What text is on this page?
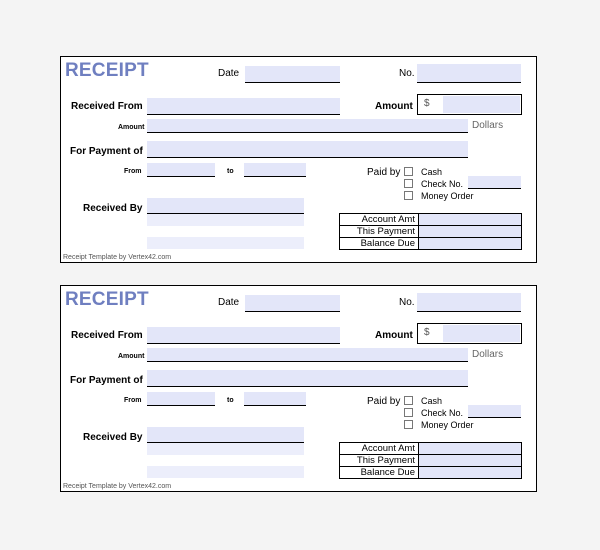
RECEIPT	Date	No.
Received From	Amount $
Amount	Dollars
For Payment of
From	to	Paid by Cash
Check No.
Money Order
Received By
Account Amt	
This Payment	
Balance Due	
Receipt Template by Vertex42.com
RECEIPT	Date	No.
Received From	Amount $
Amount	Dollars
For Payment of
From	to	Paid by Cash
Check No.
Money Order
Received By
Account Amt	
This Payment	
Balance Due	
Receipt Template by Vertex42.com
